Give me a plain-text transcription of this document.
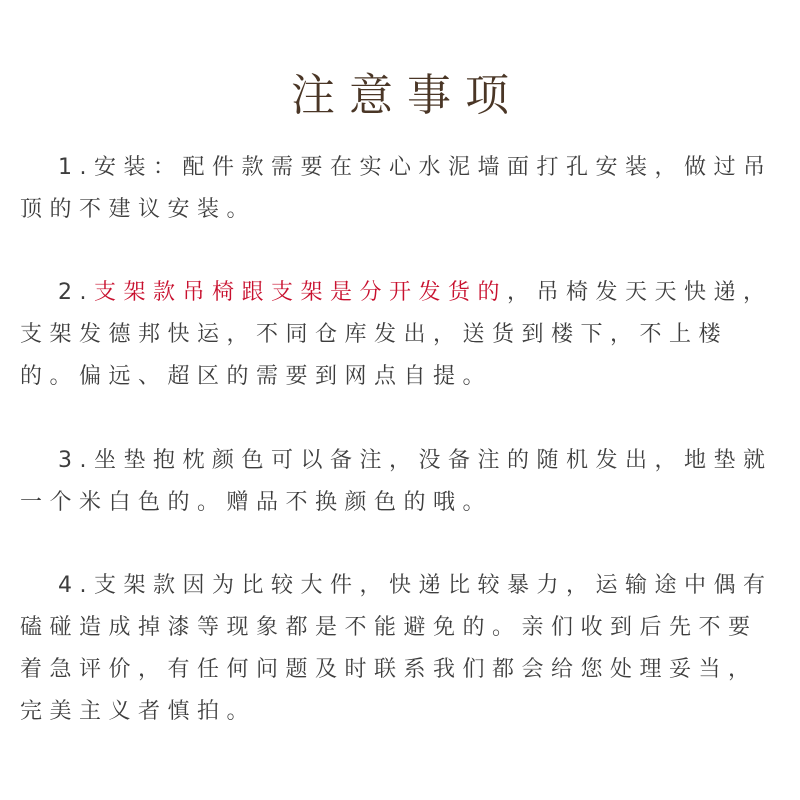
注意事项
1.安装：配件款需要在实心水泥墙面打孔安装，做过吊顶的不建议安装。
2.支架款吊椅跟支架是分开发货的，吊椅发天天快递，支架发德邦快运，不同仓库发出，送货到楼下，不上楼的。偏远、超区的需要到网点自提。
3.坐垫抱枕颜色可以备注，没备注的随机发出，地垫就一个米白色的。赠品不换颜色的哦。
4.支架款因为比较大件，快递比较暴力，运输途中偶有磕碰造成掉漆等现象都是不能避免的。亲们收到后先不要着急评价，有任何问题及时联系我们都会给您处理妥当，完美主义者慎拍。
